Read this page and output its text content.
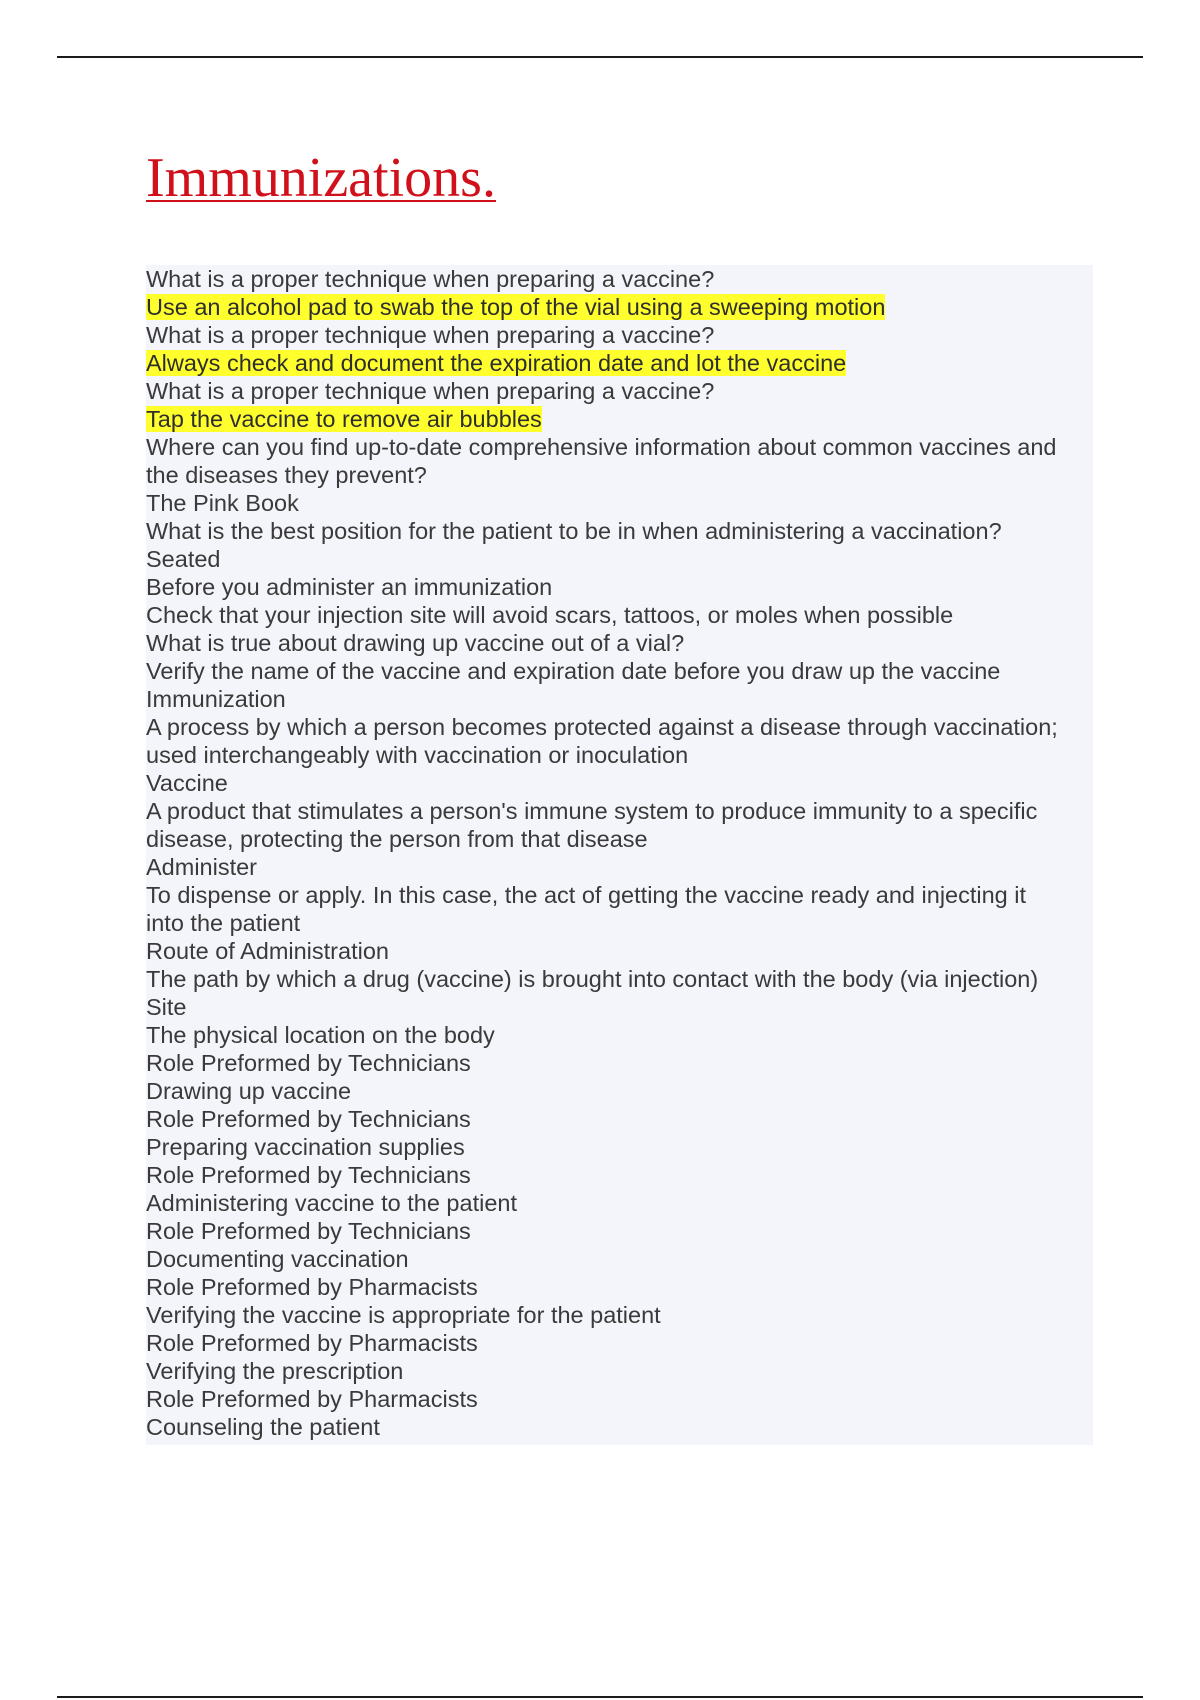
Immunizations.
What is a proper technique when preparing a vaccine?
Use an alcohol pad to swab the top of the vial using a sweeping motion
What is a proper technique when preparing a vaccine?
Always check and document the expiration date and lot the vaccine
What is a proper technique when preparing a vaccine?
Tap the vaccine to remove air bubbles
Where can you find up-to-date comprehensive information about common vaccines and
the diseases they prevent?
The Pink Book
What is the best position for the patient to be in when administering a vaccination?
Seated
Before you administer an immunization
Check that your injection site will avoid scars, tattoos, or moles when possible
What is true about drawing up vaccine out of a vial?
Verify the name of the vaccine and expiration date before you draw up the vaccine
Immunization
A process by which a person becomes protected against a disease through vaccination;
used interchangeably with vaccination or inoculation
Vaccine
A product that stimulates a person's immune system to produce immunity to a specific
disease, protecting the person from that disease
Administer
To dispense or apply. In this case, the act of getting the vaccine ready and injecting it
into the patient
Route of Administration
The path by which a drug (vaccine) is brought into contact with the body (via injection)
Site
The physical location on the body
Role Preformed by Technicians
Drawing up vaccine
Role Preformed by Technicians
Preparing vaccination supplies
Role Preformed by Technicians
Administering vaccine to the patient
Role Preformed by Technicians
Documenting vaccination
Role Preformed by Pharmacists
Verifying the vaccine is appropriate for the patient
Role Preformed by Pharmacists
Verifying the prescription
Role Preformed by Pharmacists
Counseling the patient
